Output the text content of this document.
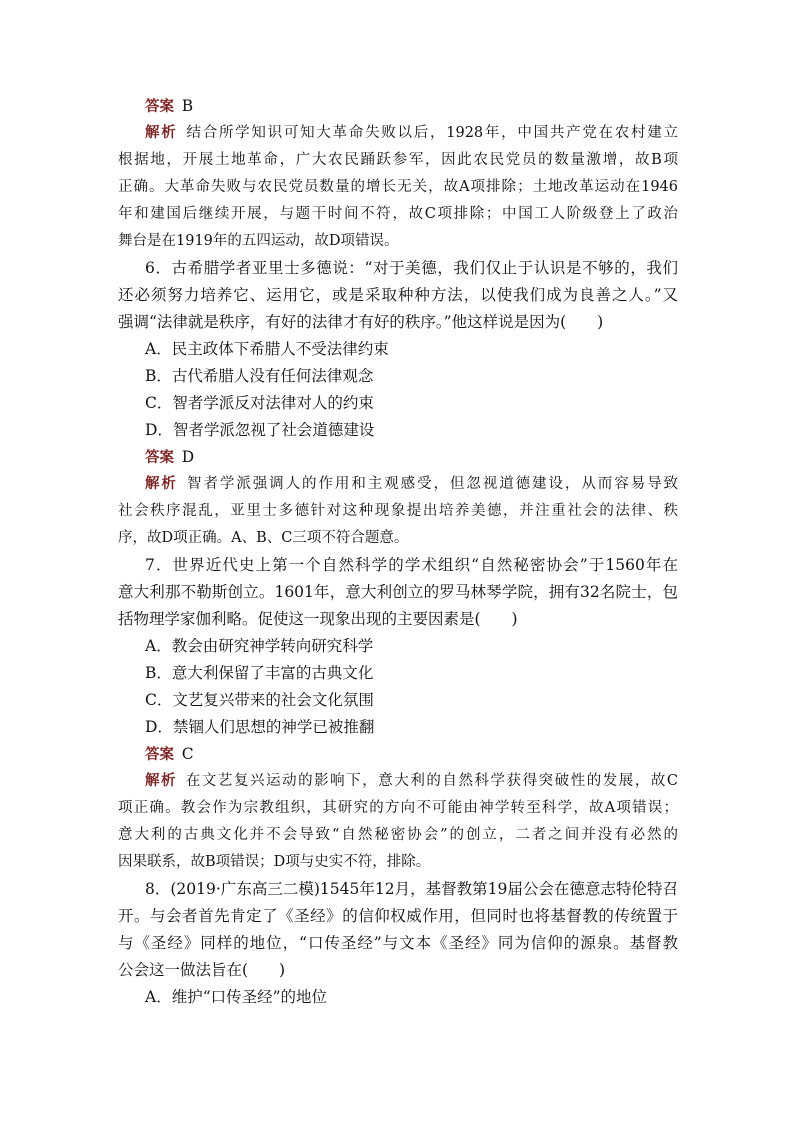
答案  B
解析  结合所学知识可知大革命失败以后，1928年，中国共产党在农村建立
根据地，开展土地革命，广大农民踊跃参军，因此农民党员的数量激增，故B项
正确。大革命失败与农民党员数量的增长无关，故A项排除；土地改革运动在1946
年和建国后继续开展，与题干时间不符，故C项排除；中国工人阶级登上了政治
舞台是在1919年的五四运动，故D项错误。
6．古希腊学者亚里士多德说：“对于美德，我们仅止于认识是不够的，我们
还必须努力培养它、运用它，或是采取种种方法，以使我们成为良善之人。”又
强调“法律就是秩序，有好的法律才有好的秩序。”他这样说是因为(　　)
A．民主政体下希腊人不受法律约束
B．古代希腊人没有任何法律观念
C．智者学派反对法律对人的约束
D．智者学派忽视了社会道德建设
答案  D
解析  智者学派强调人的作用和主观感受，但忽视道德建设，从而容易导致
社会秩序混乱，亚里士多德针对这种现象提出培养美德，并注重社会的法律、秩
序，故D项正确。A、B、C三项不符合题意。
7．世界近代史上第一个自然科学的学术组织“自然秘密协会”于1560年在
意大利那不勒斯创立。1601年，意大利创立的罗马林琴学院，拥有32名院士，包
括物理学家伽利略。促使这一现象出现的主要因素是(　　)
A．教会由研究神学转向研究科学
B．意大利保留了丰富的古典文化
C．文艺复兴带来的社会文化氛围
D．禁锢人们思想的神学已被推翻
答案  C
解析  在文艺复兴运动的影响下，意大利的自然科学获得突破性的发展，故C
项正确。教会作为宗教组织，其研究的方向不可能由神学转至科学，故A项错误；
意大利的古典文化并不会导致“自然秘密协会”的创立，二者之间并没有必然的
因果联系，故B项错误；D项与史实不符，排除。
8．(2019·广东高三二模)1545年12月，基督教第19届公会在德意志特伦特召
开。与会者首先肯定了《圣经》的信仰权威作用，但同时也将基督教的传统置于
与《圣经》同样的地位，“口传圣经”与文本《圣经》同为信仰的源泉。基督教
公会这一做法旨在(　　)
A．维护“口传圣经”的地位
